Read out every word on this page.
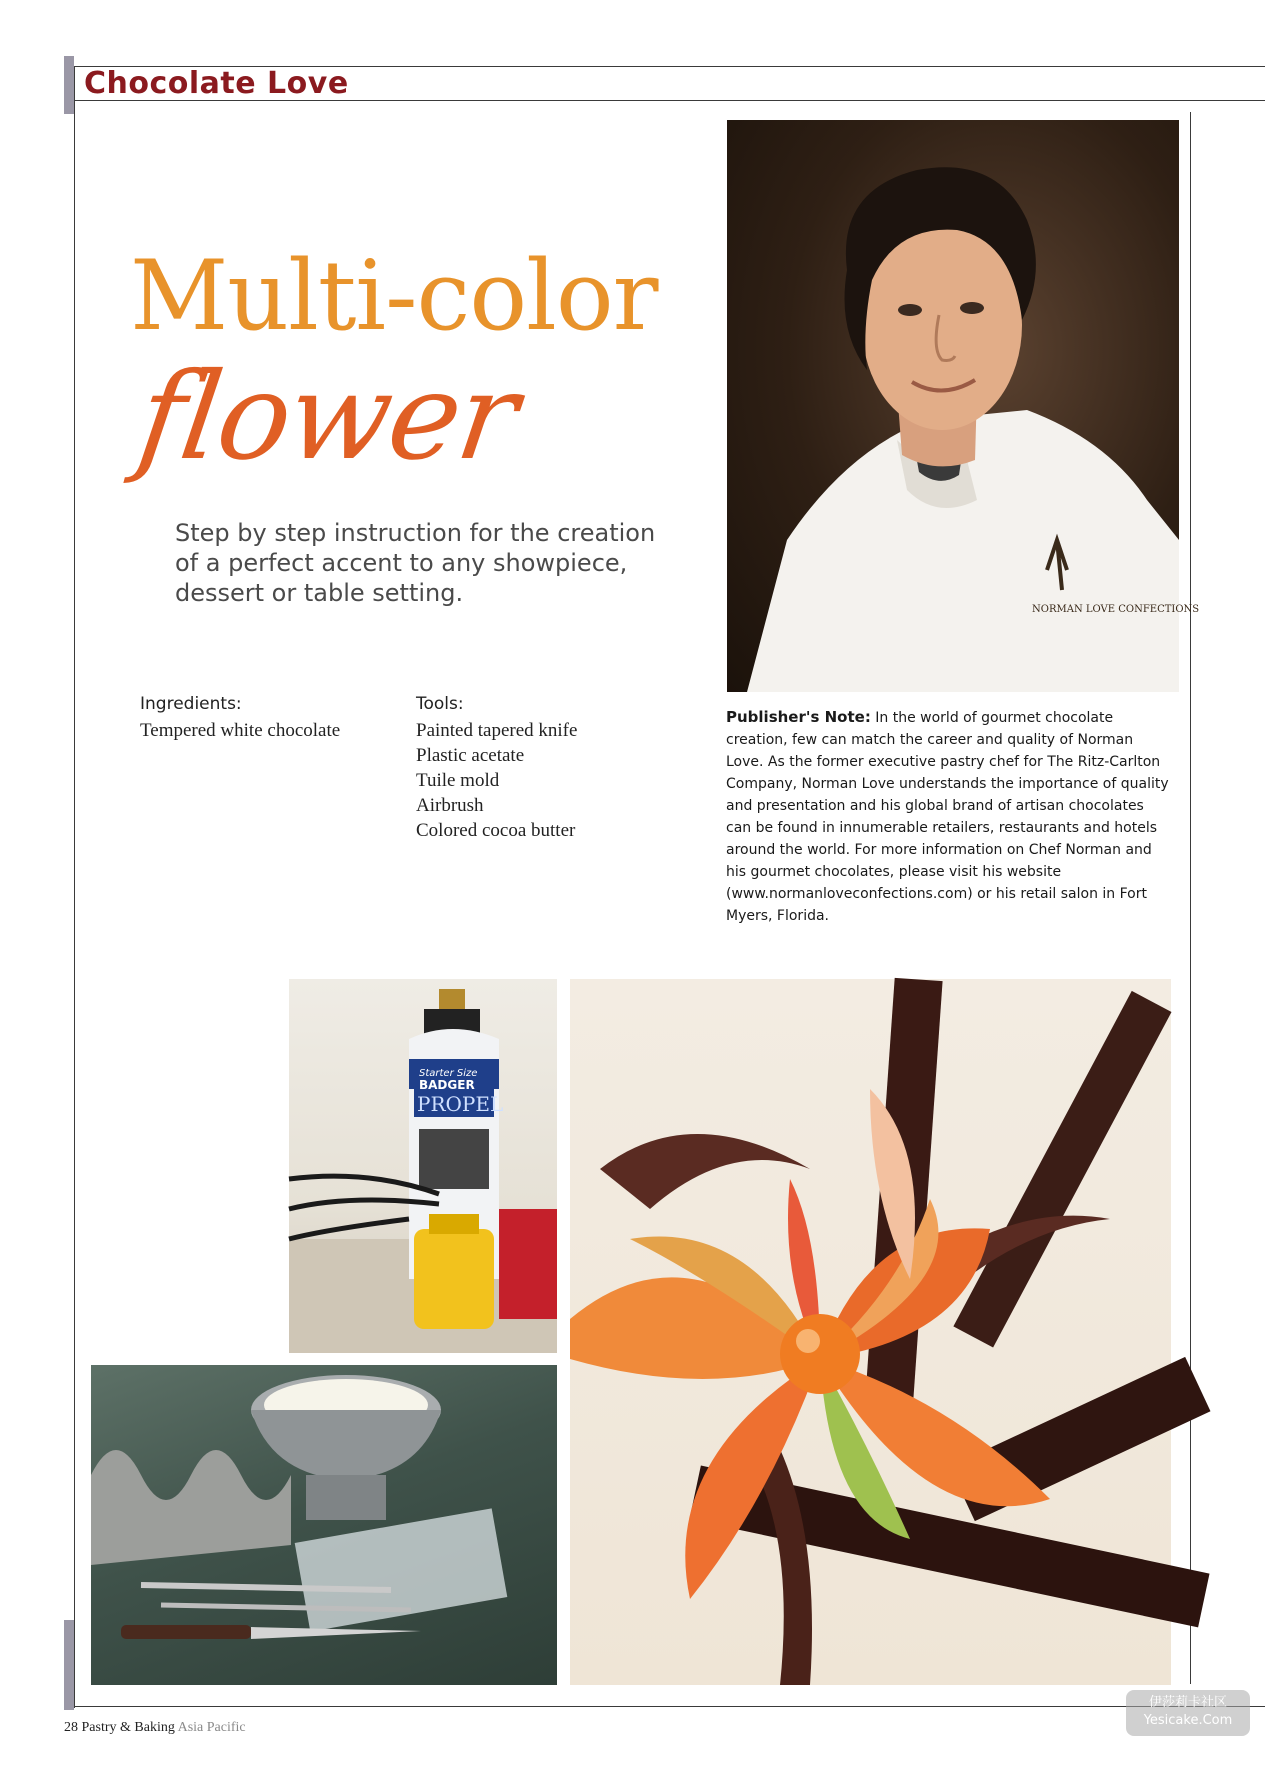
Chocolate Love
Multi-color
flower
Step by step instruction for the creation of a perfect accent to any showpiece, dessert or table setting.
Ingredients:
Tempered white chocolate
Tools:
Painted tapered knife
Plastic acetate
Tuile mold
Airbrush
Colored cocoa butter
NORMAN LOVE CONFECTIONS
Publisher's Note: In the world of gourmet chocolate creation, few can match the career and quality of Norman Love. As the former executive pastry chef for The Ritz-Carlton Company, Norman Love understands the importance of quality and presentation and his global brand of artisan chocolates can be found in innumerable retailers, restaurants and hotels around the world. For more information on Chef Norman and his gourmet chocolates, please visit his website (www.normanloveconfections.com) or his retail salon in Fort Myers, Florida.
Starter Size
BADGER
PROPEL
28 Pastry & Baking Asia Pacific
伊莎莉卡社区
Yesicake.Com
